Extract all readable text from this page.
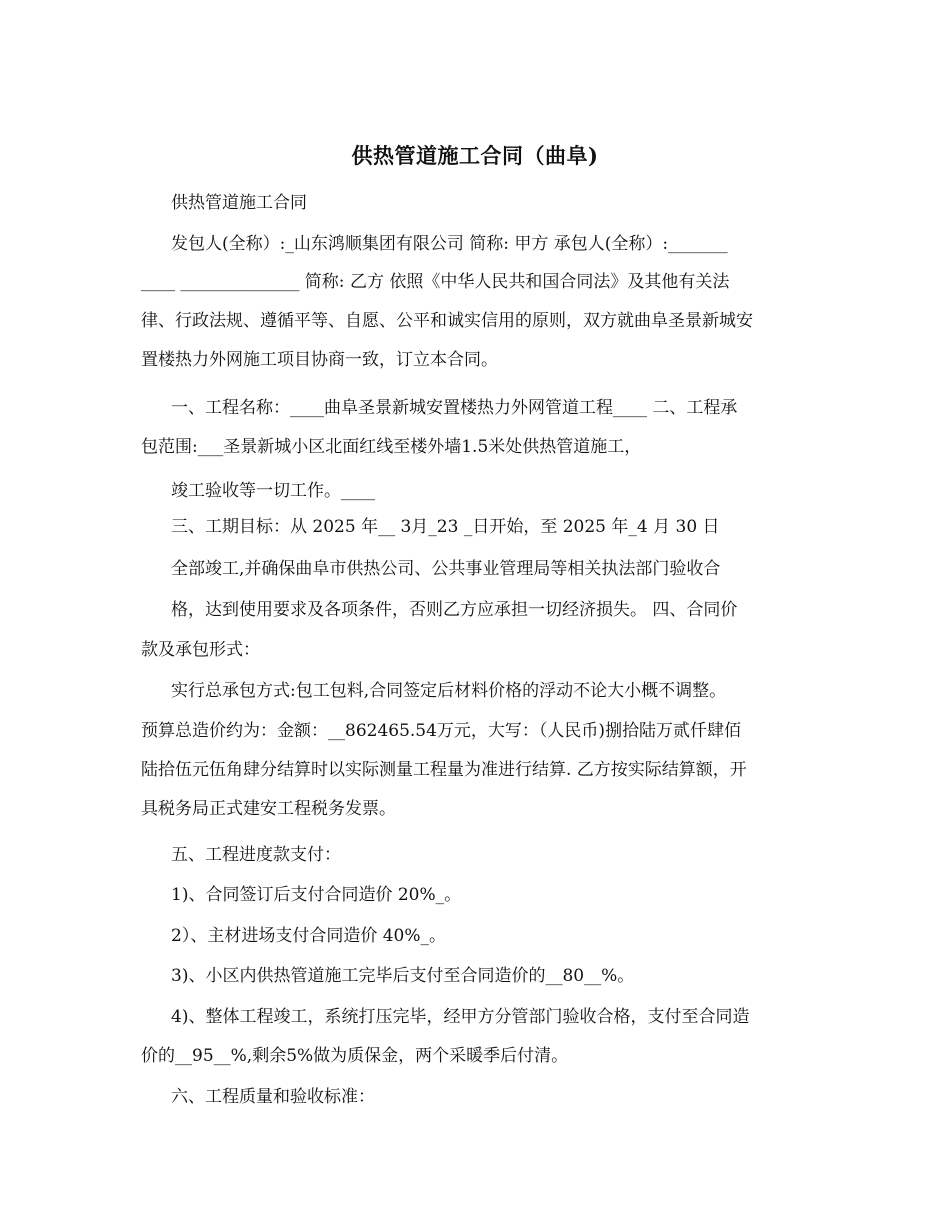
供热管道施工合同（曲阜)
供热管道施工合同
发包人(全称）:_山东鸿顺集团有限公司 简称: 甲方 承包人(全称）:_______
____ ______________ 简称: 乙方 依照《中华人民共和国合同法》及其他有关法
律、行政法规、遵循平等、自愿、公平和诚实信用的原则，双方就曲阜圣景新城安
置楼热力外网施工项目协商一致，订立本合同。
一、工程名称：____曲阜圣景新城安置楼热力外网管道工程____ 二、工程承
包范围:___圣景新城小区北面红线至楼外墙1.5米处供热管道施工，
竣工验收等一切工作。____
三、工期目标：从 2025 年__ 3月_23 _日开始，至 2025 年_4 月 30 日
全部竣工,并确保曲阜市供热公司、公共事业管理局等相关执法部门验收合
格，达到使用要求及各项条件，否则乙方应承担一切经济损失。 四、合同价
款及承包形式：
实行总承包方式:包工包料,合同签定后材料价格的浮动不论大小概不调整。
预算总造价约为：金额：__862465.54万元，大写：（人民币)捌拾陆万贰仟肆佰
陆拾伍元伍角肆分结算时以实际测量工程量为准进行结算. 乙方按实际结算额，开
具税务局正式建安工程税务发票。
五、工程进度款支付：
1)、合同签订后支付合同造价 20%_。
2）、主材进场支付合同造价 40%_。
3)、小区内供热管道施工完毕后支付至合同造价的__80__%。
4)、整体工程竣工，系统打压完毕，经甲方分管部门验收合格，支付至合同造
价的__95__%,剩余5%做为质保金，两个采暖季后付清。
六、工程质量和验收标准：
